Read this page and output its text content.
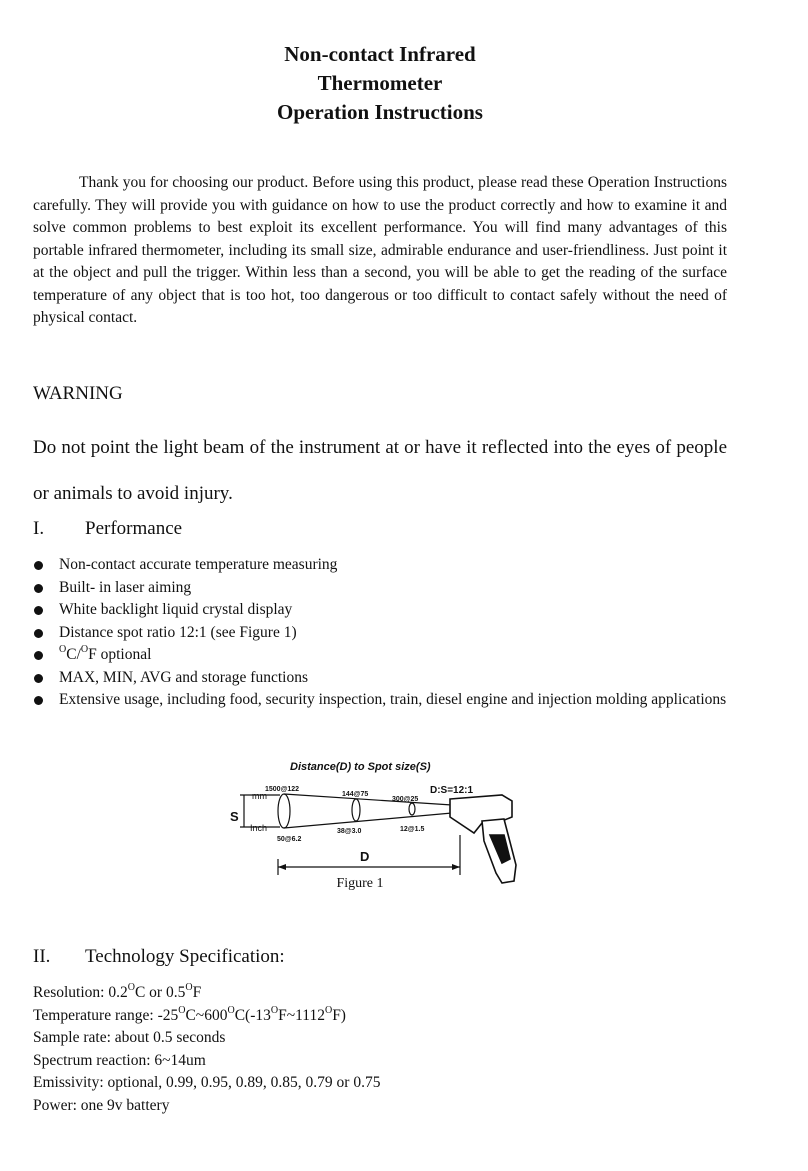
Non-contact Infrared
Thermometer
Operation Instructions

Thank you for choosing our product. Before using this product, please read these Operation Instructions carefully. They will provide you with guidance on how to use the product correctly and how to examine it and solve common problems to best exploit its excellent performance. You will find many advantages of this portable infrared thermometer, including its small size, admirable endurance and user-friendliness. Just point it at the object and pull the trigger. Within less than a second, you will be able to get the reading of the surface temperature of any object that is too hot, too dangerous or too difficult to contact safely without the need of physical contact.

WARNING
Do not point the light beam of the instrument at or have it reflected into the eyes of people or animals to avoid injury.
I. Performance
Non-contact accurate temperature measuring
Built- in laser aiming
White backlight liquid crystal display
Distance spot ratio 12:1 (see Figure 1)
$^O$C/$^O$F optional
MAX, MIN, AVG and storage functions
Extensive usage, including food, security inspection, train, diesel engine and injection molding applications
Distance(D) to Spot size(S)
D:S=12:1
1500@122
144@75
300@25
50@6.2
38@3.0	12@1.5
mm
Inch
S
D
Figure 1
II. Technology Specification:
Resolution: $0.2^OC$ or $0.5^OF$
Temperature range: $-25^OC\sim 600^OC(-13^OF\sim 1112^OF)$
Sample rate: about 0.5 seconds
Spectrum reaction: 6~14um
Emissivity: optional, 0.99, 0.95, 0.89, 0.85, 0.79 or 0.75
Power: one 9v battery
